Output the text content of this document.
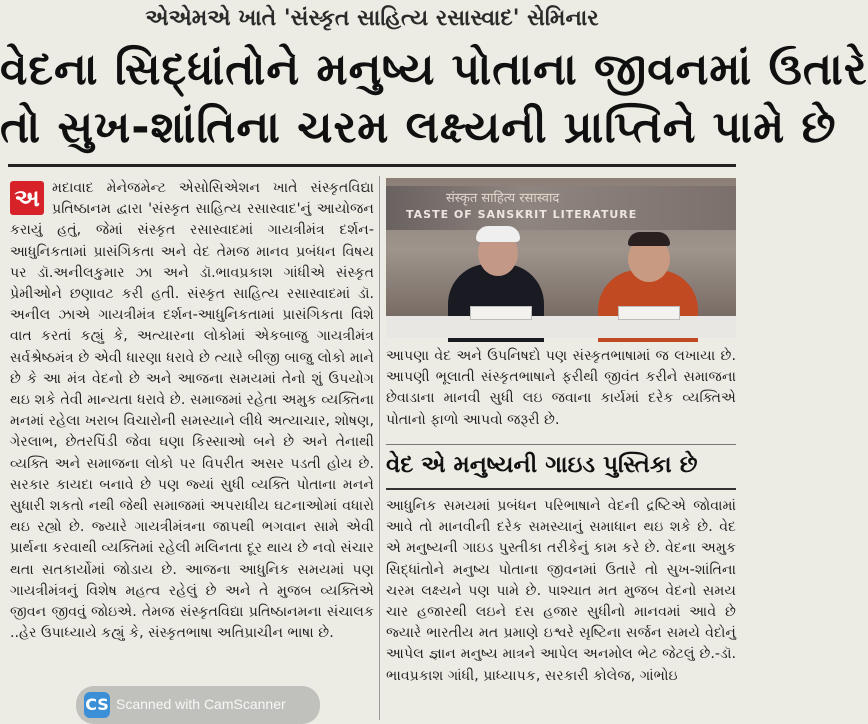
એએમએ ખાતે 'સંસ્કૃત સાહિત્ય રસાસ્વાદ' સેમિનાર
વેદના સિદ્ધાંતોને મનુષ્ય પોતાના જીવનમાં ઉતારે
તો સુખ-શાંતિના ચરમ લક્ષ્યની પ્રાપ્તિને પામે છે
અ મદાવાદ મેનેજમેન્ટ એસોસિએશન ખાતે સંસ્કૃતવિદ્યા પ્રતિષ્ઠાનમ દ્વારા 'સંસ્કૃત સાહિત્ય રસાસ્વાદ'નું આયોજન કરાયું હતું, જેમાં સંસ્કૃત રસાસ્વાદમાં ગાયત્રીમંત્ર દર્શન-આધુનિકતામાં પ્રાસંગિકતા અને વેદ તેમજ માનવ પ્રબંધન વિષય પર ડૉ.અનીલકુમાર ઝા અને ડૉ.ભાવપ્રકાશ ગાંધીએ સંસ્કૃત પ્રેમીઓને છણાવટ કરી હતી. સંસ્કૃત સાહિત્ય રસાસ્વાદમાં ડૉ. અનીલ ઝાએ ગાયત્રીમંત્ર દર્શન-આધુનિકતામાં પ્રાસંગિકતા વિશે વાત કરતાં કહ્યું કે, અત્યારના લોકોમાં એકબાજુ ગાયત્રીમંત્ર સર્વશ્રેષ્ઠમંત્ર છે એવી ધારણા ધરાવે છે ત્યારે બીજી બાજુ લોકો માને છે કે આ મંત્ર વેદનો છે અને આજના સમયમાં તેનો શું ઉપયોગ થઇ શકે તેવી માન્યતા ધરાવે છે. સમાજમાં રહેતા અમુક વ્યક્તિના મનમાં રહેલા ખરાબ વિચારોની સમસ્યાને લીધે અત્યાચાર, શોષણ, ગેરલાભ, છેતરપિંડી જેવા ઘણા કિસ્સાઓ બને છે અને તેનાથી વ્યક્તિ અને સમાજના લોકો પર વિપરીત અસર પડતી હોય છે. સરકાર કાયદા બનાવે છે પણ જ્યાં સુધી વ્યક્તિ પોતાના મનને સુધારી શકતો નથી જેથી સમાજમાં અપરાધીય ઘટનાઓમાં વધારો થઇ રહ્યો છે. જ્યારે ગાયત્રીમંત્રના જાપથી ભગવાન સામે એવી પ્રાર્થના કરવાથી વ્યક્તિમાં રહેલી મલિનતા દૂર થાય છે નવો સંચાર થતા સતકાર્યોમાં જોડાય છે. આજના આધુનિક સમયમાં પણ ગાયત્રીમંત્રનું વિશેષ મહત્વ રહેલું છે અને તે મુજબ વ્યક્તિએ જીવન જીવવું જોઇએ. તેમજ સંસ્કૃતવિદ્યા પ્રતિષ્ઠાનમના સંચાલક ..હેર ઉપાધ્યાયે કહ્યું કે, સંસ્કૃતભાષા અતિપ્રાચીન ભાષા છે.
संस्कृत साहित्य रसास्वाद
TASTE OF SANSKRIT LITERATURE
આપણા વેદ અને ઉપનિષદો પણ સંસ્કૃતભાષામાં જ લખાયા છે. આપણી ભૂલાતી સંસ્કૃતભાષાને ફરીથી જીવંત કરીને સમાજના છેવાડાના માનવી સુધી લઇ જવાના કાર્યમાં દરેક વ્યક્તિએ પોતાનો ફાળો આપવો જરૂરી છે.
વેદ એ મનુષ્યની ગાઇડ પુસ્તિકા છે
આધુનિક સમયમાં પ્રબંધન પરિભાષાને વેદની દ્રષ્ટિએ જોવામાં આવે તો માનવીની દરેક સમસ્યાનું સમાધાન થઇ શકે છે. વેદ એ મનુષ્યની ગાઇડ પુસ્તીકા તરીકેનું કામ કરે છે. વેદના અમુક સિદ્ધાંતોને મનુષ્ય પોતાના જીવનમાં ઉતારે તો સુખ-શાંતિના ચરમ લક્ષ્યને પણ પામે છે. પાશ્ચાત મત મુજબ વેદનો સમય ચાર હજારથી લઇને દસ હજાર સુધીનો માનવમાં આવે છે જ્યારે ભારતીય મત પ્રમાણે ઇશ્વરે સૃષ્ટિના સર્જન સમયે વેદોનું આપેલ જ્ઞાન મનુષ્ય માત્રને આપેલ અનમોલ ભેટ જેટલું છે.-ડૉ. ભાવપ્રકાશ ગાંધી, પ્રાધ્યાપક, સરકારી કોલેજ, ગાંભોઇ
CS Scanned with CamScanner
